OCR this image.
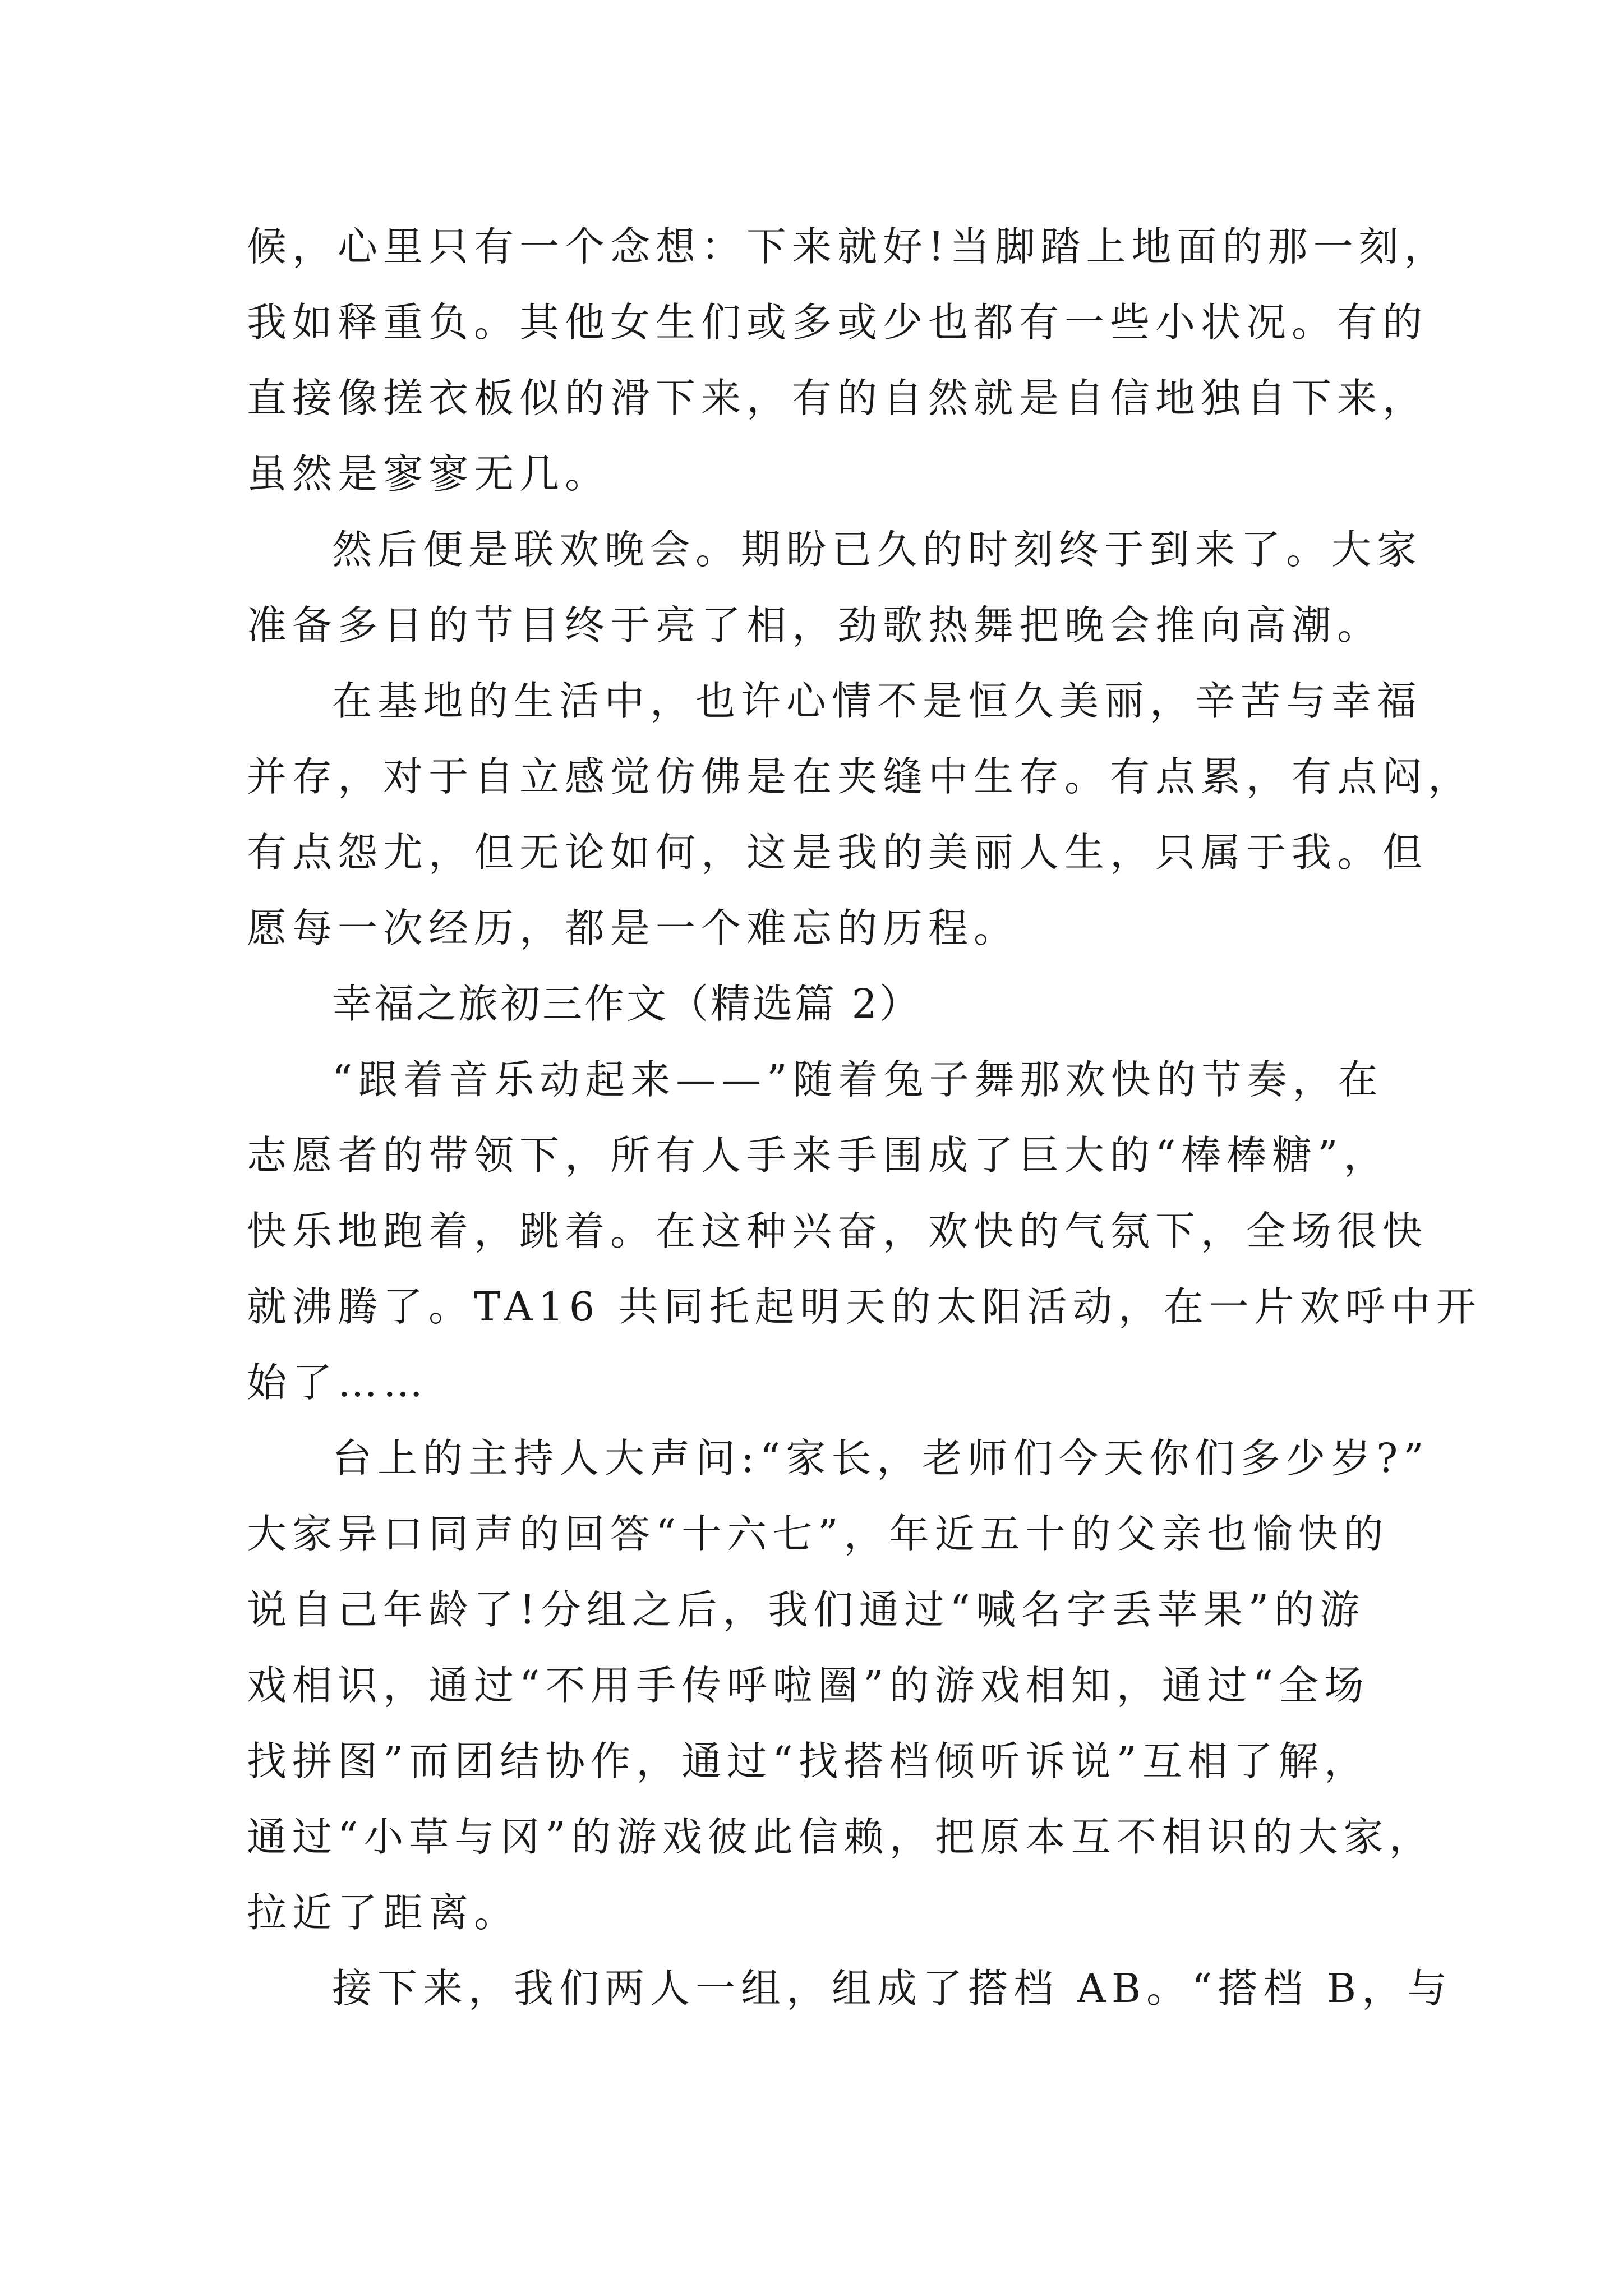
候，心里只有一个念想：下来就好!当脚踏上地面的那一刻，
我如释重负。其他女生们或多或少也都有一些小状况。有的
直接像搓衣板似的滑下来，有的自然就是自信地独自下来，
虽然是寥寥无几。
然后便是联欢晚会。期盼已久的时刻终于到来了。大家
准备多日的节目终于亮了相，劲歌热舞把晚会推向高潮。
在基地的生活中，也许心情不是恒久美丽，辛苦与幸福
并存，对于自立感觉仿佛是在夹缝中生存。有点累，有点闷，
有点怨尤，但无论如何，这是我的美丽人生，只属于我。但
愿每一次经历，都是一个难忘的历程。
幸福之旅初三作文（精选篇 2）
“跟着音乐动起来——”随着兔子舞那欢快的节奏，在
志愿者的带领下，所有人手来手围成了巨大的“棒棒糖”，
快乐地跑着，跳着。在这种兴奋，欢快的气氛下，全场很快
就沸腾了。TA16 共同托起明天的太阳活动，在一片欢呼中开
始了……
台上的主持人大声问:“家长，老师们今天你们多少岁?”
大家异口同声的回答“十六七”，年近五十的父亲也愉快的
说自己年龄了!分组之后，我们通过“喊名字丢苹果”的游
戏相识，通过“不用手传呼啦圈”的游戏相知，通过“全场
找拼图”而团结协作，通过“找搭档倾听诉说”互相了解，
通过“小草与冈”的游戏彼此信赖，把原本互不相识的大家，
拉近了距离。
接下来，我们两人一组，组成了搭档 AB。“搭档 B，与
